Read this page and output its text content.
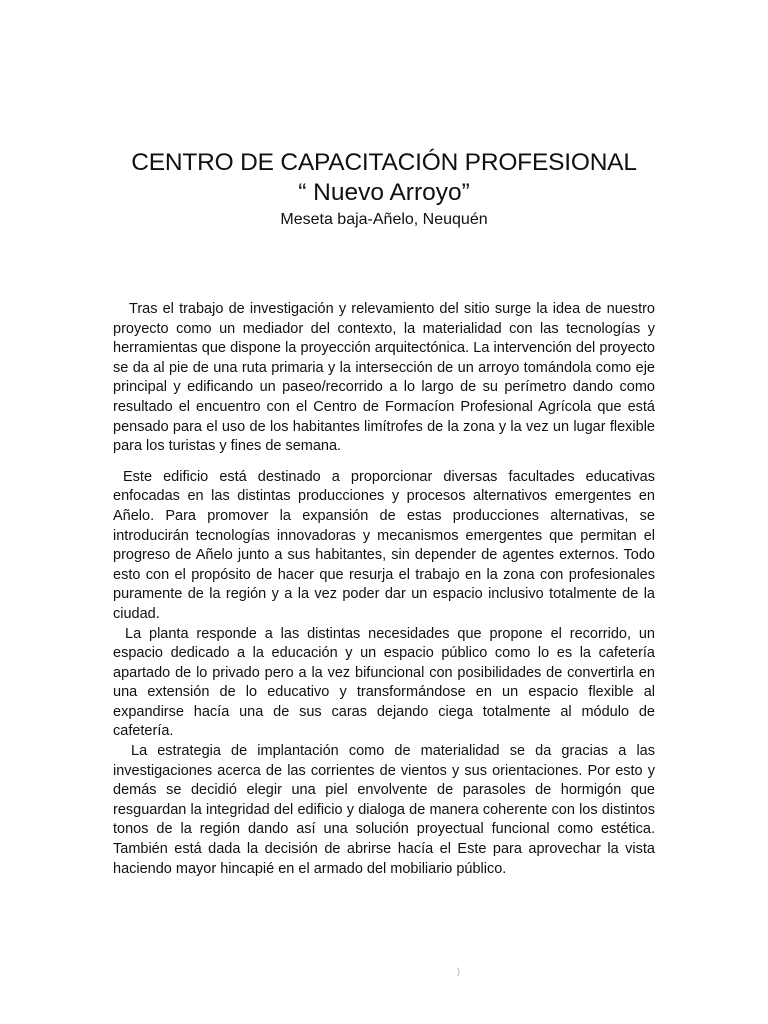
CENTRO DE CAPACITACIÓN PROFESIONAL
“ Nuevo Arroyo”
Meseta baja-Añelo, Neuquén

Tras el trabajo de investigación y relevamiento del sitio surge la idea de nuestro proyecto como un mediador del contexto, la materialidad con las tecnologías y herramientas que dispone la proyección arquitectónica. La intervención del proyecto se da al pie de una ruta primaria y la intersección de un arroyo tomándola como eje principal y edificando un paseo/recorrido a lo largo de su perímetro dando como resultado el encuentro con el Centro de Formacíon Profesional Agrícola que está pensado para el uso de los habitantes limítrofes de la zona y la vez un lugar flexible para los turistas y fines de semana.

Este edificio está destinado a proporcionar diversas facultades educativas enfocadas en las distintas producciones y procesos alternativos emergentes en Añelo. Para promover la expansión de estas producciones alternativas, se introducirán tecnologías innovadoras y mecanismos emergentes que permitan el progreso de Añelo junto a sus habitantes, sin depender de agentes externos. Todo esto con el propósito de hacer que resurja el trabajo en la zona con profesionales puramente de la región y a la vez poder dar un espacio inclusivo totalmente de la ciudad.

La planta responde a las distintas necesidades que propone el recorrido, un espacio dedicado a la educación y un espacio público como lo es la cafetería apartado de lo privado pero a la vez bifuncional con posibilidades de convertirla en una extensión de lo educativo y transformándose en un espacio flexible al expandirse hacía una de sus caras dejando ciega totalmente al módulo de cafetería.

La estrategia de implantación como de materialidad se da gracias a las investigaciones acerca de las corrientes de vientos y sus orientaciones. Por esto y demás se decidió elegir una piel envolvente de parasoles de hormigón que resguardan la integridad del edificio y dialoga de manera coherente con los distintos tonos de la región dando así una solución proyectual funcional como estética. También está dada la decisión de abrirse hacía el Este para aprovechar la vista haciendo mayor hincapié en el armado del mobiliario público.

)
